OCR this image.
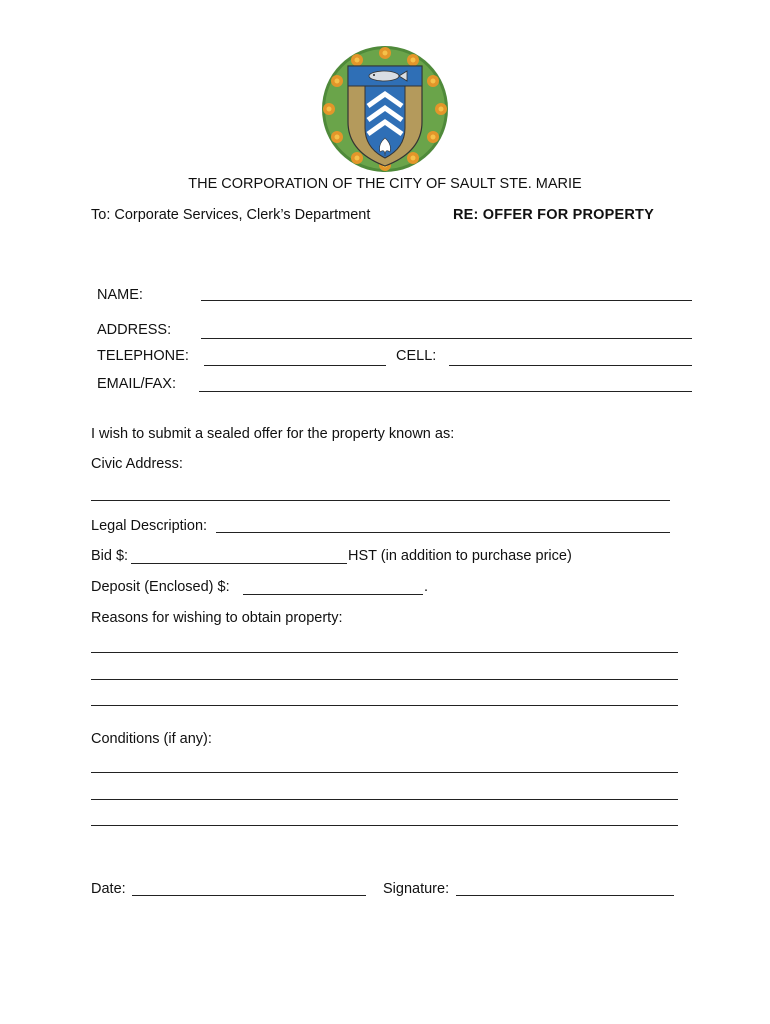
THE CORPORATION OF THE CITY OF SAULT STE. MARIE
To: Corporate Services, Clerk’s Department	RE: OFFER FOR PROPERTY
NAME:
ADDRESS:
TELEPHONE:	CELL:
EMAIL/FAX:
I wish to submit a sealed offer for the property known as:
Civic Address:
Legal Description:
Bid $:	HST (in addition to purchase price)
Deposit (Enclosed) $:	.
Reasons for wishing to obtain property:
Conditions (if any):
Date:	Signature:
